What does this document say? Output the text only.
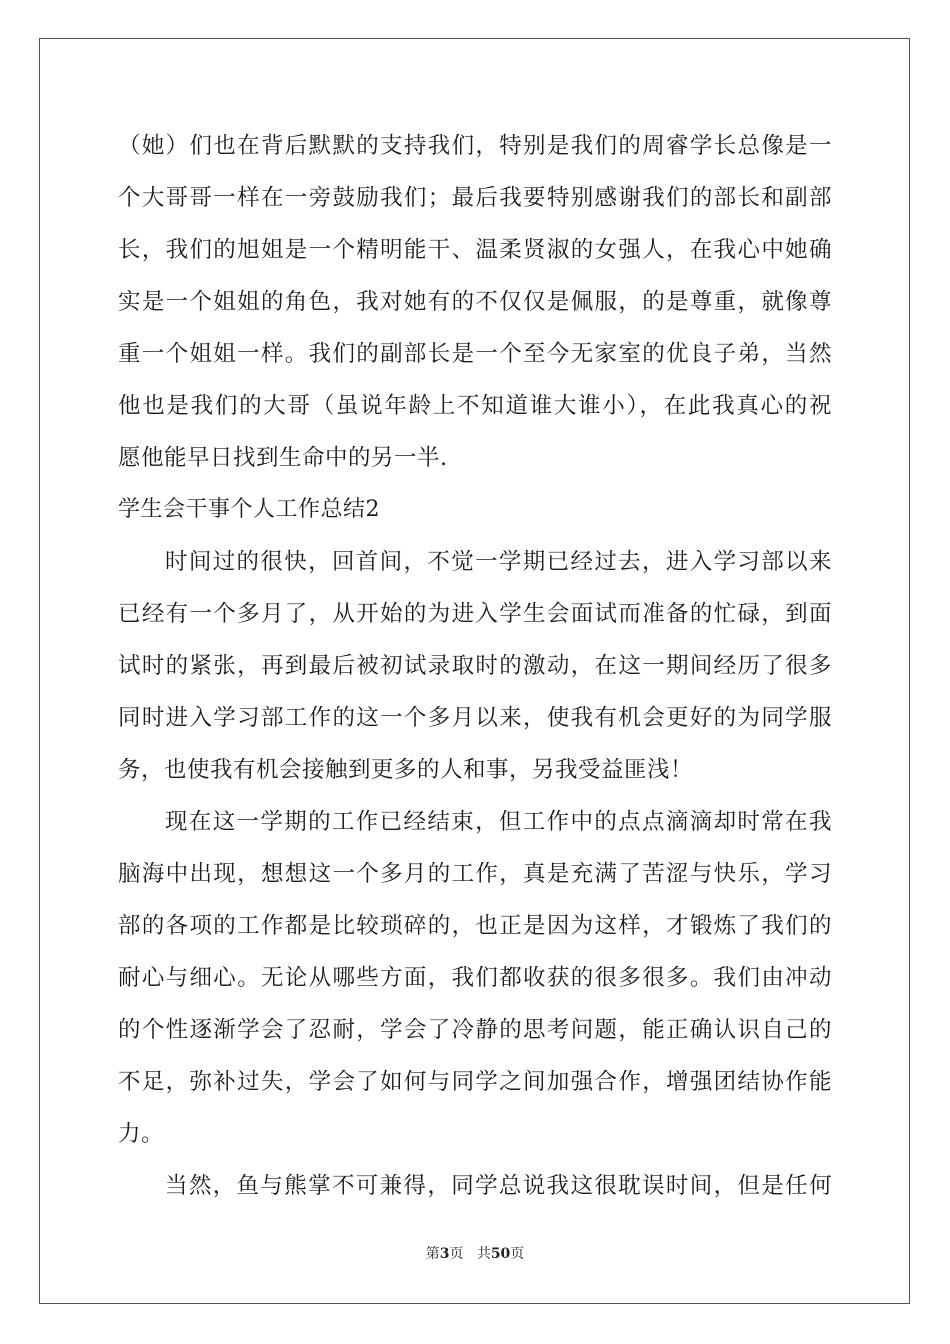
（她）们也在背后默默的支持我们，特别是我们的周睿学长总像是一
个大哥哥一样在一旁鼓励我们；最后我要特别感谢我们的部长和副部
长，我们的旭姐是一个精明能干、温柔贤淑的女强人，在我心中她确
实是一个姐姐的角色，我对她有的不仅仅是佩服，的是尊重，就像尊
重一个姐姐一样。我们的副部长是一个至今无家室的优良子弟，当然
他也是我们的大哥（虽说年龄上不知道谁大谁小），在此我真心的祝
愿他能早日找到生命中的另一半.
学生会干事个人工作总结2
时间过的很快，回首间，不觉一学期已经过去，进入学习部以来
已经有一个多月了，从开始的为进入学生会面试而准备的忙碌，到面
试时的紧张，再到最后被初试录取时的激动，在这一期间经历了很多
同时进入学习部工作的这一个多月以来，使我有机会更好的为同学服
务，也使我有机会接触到更多的人和事，另我受益匪浅！
现在这一学期的工作已经结束，但工作中的点点滴滴却时常在我
脑海中出现，想想这一个多月的工作，真是充满了苦涩与快乐，学习
部的各项的工作都是比较琐碎的，也正是因为这样，才锻炼了我们的
耐心与细心。无论从哪些方面，我们都收获的很多很多。我们由冲动
的个性逐渐学会了忍耐，学会了冷静的思考问题，能正确认识自己的
不足，弥补过失，学会了如何与同学之间加强合作，增强团结协作能
力。
当然，鱼与熊掌不可兼得，同学总说我这很耽误时间，但是任何
第3页 共50页
